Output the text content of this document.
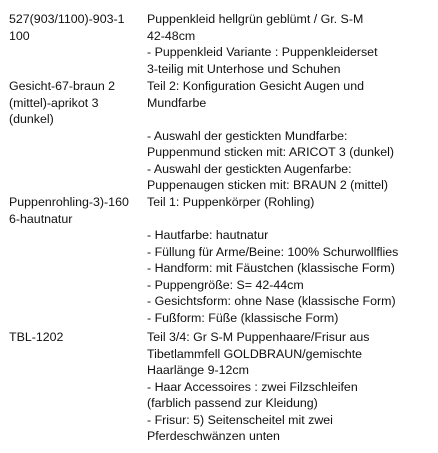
527(903/1100)-903-1
100
Puppenkleid hellgrün geblümt / Gr. S-M
42-48cm
- Puppenkleid Variante : Puppenkleiderset
3-teilig mit Unterhose und Schuhen
Gesicht-67-braun 2
(mittel)-aprikot 3
(dunkel)
Teil 2: Konfiguration Gesicht Augen und
Mundfarbe
- Auswahl der gestickten Mundfarbe:
Puppenmund sticken mit: ARICOT 3 (dunkel)
- Auswahl der gestickten Augenfarbe:
Puppenaugen sticken mit: BRAUN 2 (mittel)
Puppenrohling-3)-160
6-hautnatur
Teil 1: Puppenkörper (Rohling)
- Hautfarbe: hautnatur
- Füllung für Arme/Beine: 100% Schurwollflies
- Handform: mit Fäustchen (klassische Form)
- Puppengröße: S= 42-44cm
- Gesichtsform: ohne Nase (klassische Form)
- Fußform: Füße (klassische Form)
TBL-1202	Teil 3/4: Gr S-M Puppenhaare/Frisur aus
Tibetlammfell GOLDBRAUN/gemischte
Haarlänge 9-12cm
- Haar Accessoires : zwei Filzschleifen
(farblich passend zur Kleidung)
- Frisur: 5) Seitenscheitel mit zwei
Pferdeschwänzen unten
